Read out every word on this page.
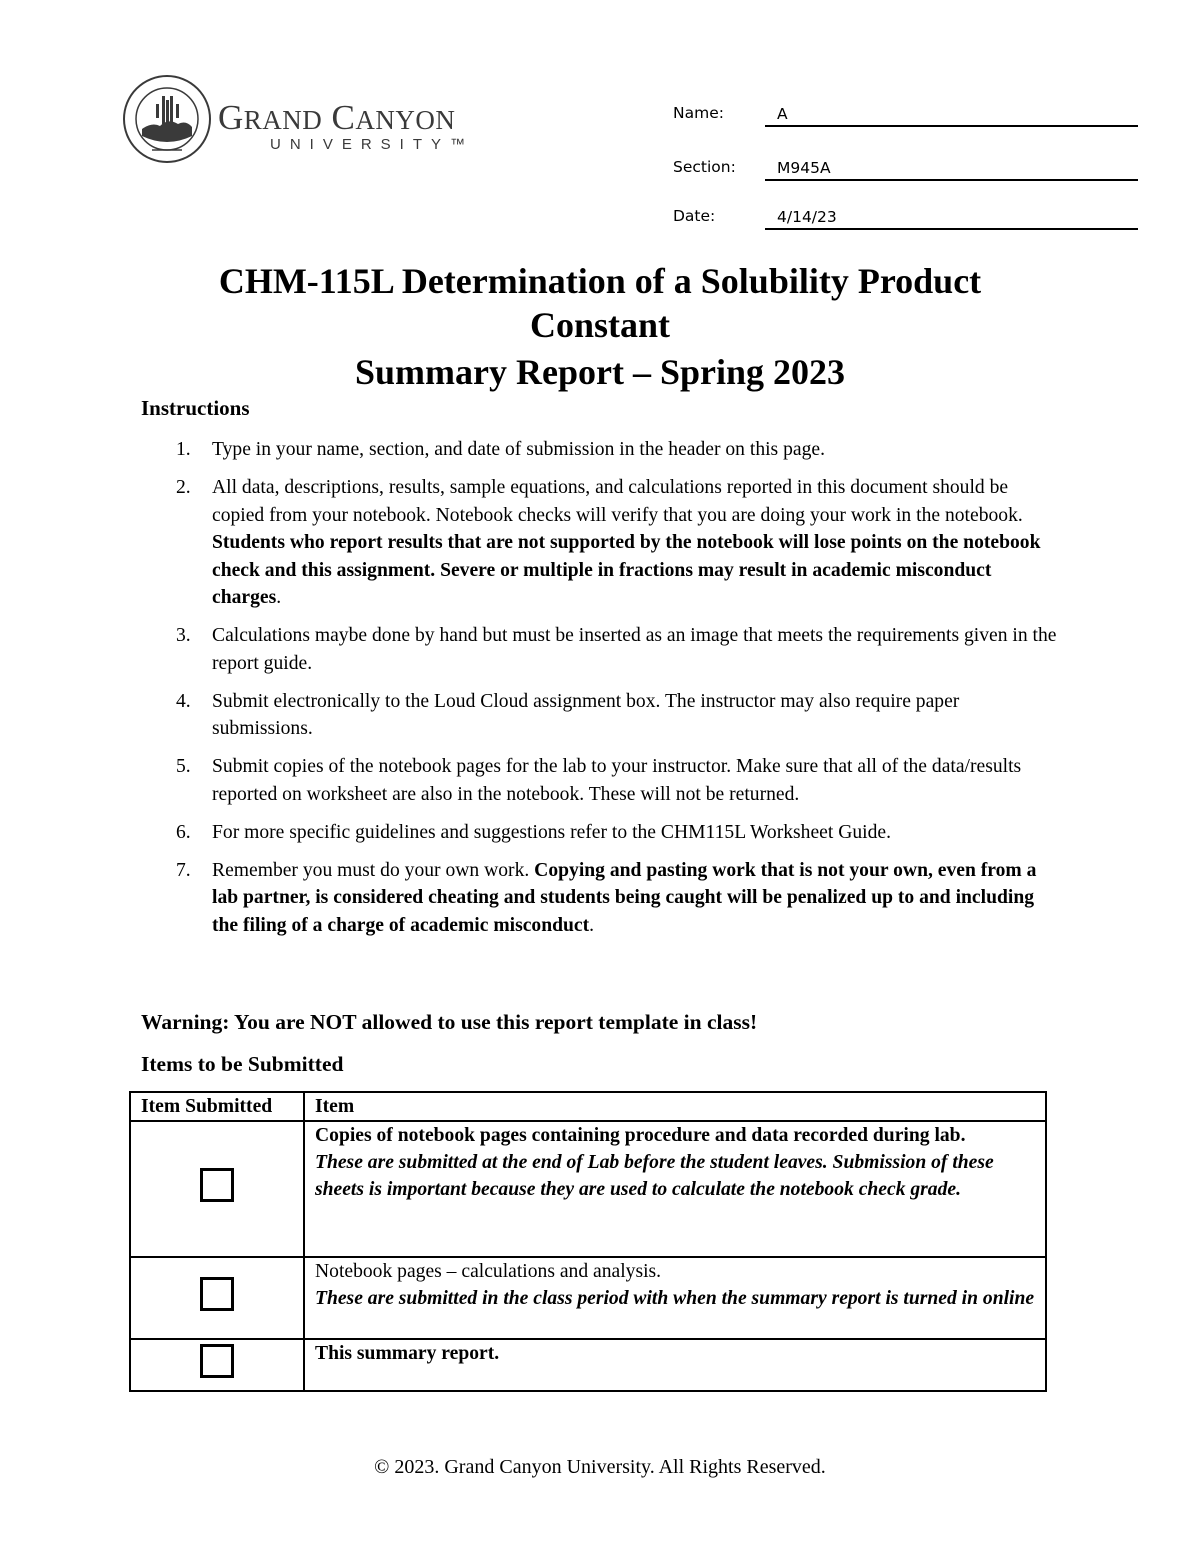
GRAND CANYON
UNIVERSITY™
Name:	A
Section:	M945A
Date:	4/14/23
CHM-115L Determination of a Solubility Product
Constant
Summary Report – Spring 2023
Instructions
1. Type in your name, section, and date of submission in the header on this page.
2. All data, descriptions, results, sample equations, and calculations reported in this document should be copied from your notebook. Notebook checks will verify that you are doing your work in the notebook. Students who report results that are not supported by the notebook will lose points on the notebook check and this assignment. Severe or multiple in fractions may result in academic misconduct charges.
3. Calculations maybe done by hand but must be inserted as an image that meets the requirements given in the report guide.
4. Submit electronically to the Loud Cloud assignment box. The instructor may also require paper submissions.
5. Submit copies of the notebook pages for the lab to your instructor. Make sure that all of the data/results reported on worksheet are also in the notebook. These will not be returned.
6. For more specific guidelines and suggestions refer to the CHM115L Worksheet Guide.
7. Remember you must do your own work. Copying and pasting work that is not your own, even from a lab partner, is considered cheating and students being caught will be penalized up to and including the filing of a charge of academic misconduct.
Warning: You are NOT allowed to use this report template in class!
Items to be Submitted
Item Submitted	Item

	Copies of notebook pages containing procedure and data recorded during lab.
These are submitted at the end of Lab before the student leaves. Submission of these sheets is important because they are used to calculate the notebook check grade.

	Notebook pages – calculations and analysis.
These are submitted in the class period with when the summary report is turned in online

	This summary report.
© 2023. Grand Canyon University. All Rights Reserved.
